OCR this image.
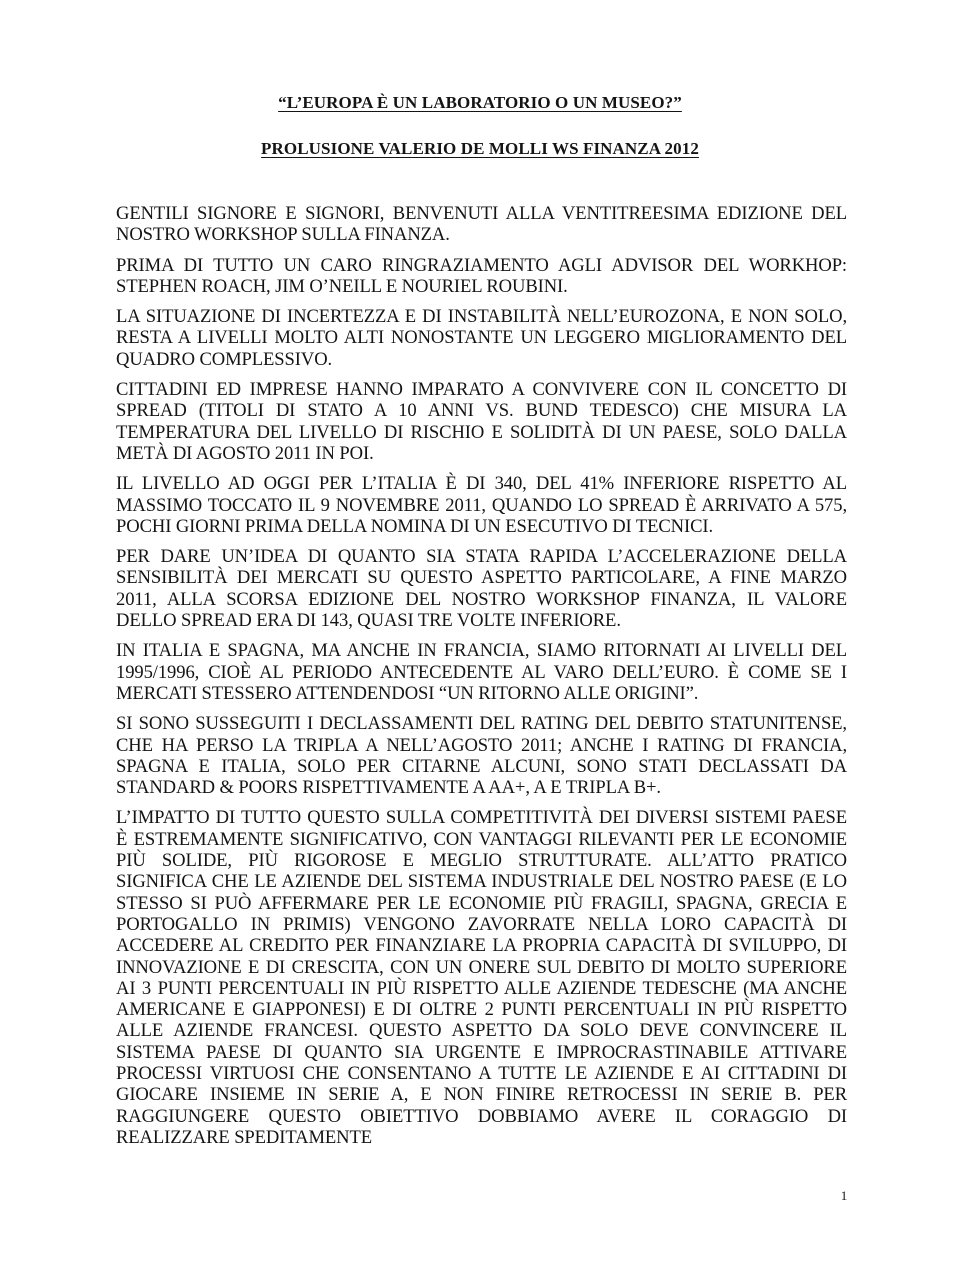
“L’EUROPA È UN LABORATORIO O UN MUSEO?”
PROLUSIONE VALERIO DE MOLLI WS FINANZA 2012

GENTILI SIGNORE E SIGNORI, BENVENUTI ALLA VENTITREESIMA EDIZIONE DEL NOSTRO WORKSHOP SULLA FINANZA.

PRIMA DI TUTTO UN CARO RINGRAZIAMENTO AGLI ADVISOR DEL WORKHOP: STEPHEN ROACH, JIM O’NEILL E NOURIEL ROUBINI.

LA SITUAZIONE DI INCERTEZZA E DI INSTABILITÀ NELL’EUROZONA, E NON SOLO, RESTA A LIVELLI MOLTO ALTI NONOSTANTE UN LEGGERO MIGLIORAMENTO DEL QUADRO COMPLESSIVO.

CITTADINI ED IMPRESE HANNO IMPARATO A CONVIVERE CON IL CONCETTO DI SPREAD (TITOLI DI STATO A 10 ANNI VS. BUND TEDESCO) CHE MISURA LA TEMPERATURA DEL LIVELLO DI RISCHIO E SOLIDITÀ DI UN PAESE, SOLO DALLA METÀ DI AGOSTO 2011 IN POI.

IL LIVELLO AD OGGI PER L’ITALIA È DI 340, DEL 41% INFERIORE RISPETTO AL MASSIMO TOCCATO IL 9 NOVEMBRE 2011, QUANDO LO SPREAD È ARRIVATO A 575, POCHI GIORNI PRIMA DELLA NOMINA DI UN ESECUTIVO DI TECNICI.

PER DARE UN’IDEA DI QUANTO SIA STATA RAPIDA L’ACCELERAZIONE DELLA SENSIBILITÀ DEI MERCATI SU QUESTO ASPETTO PARTICOLARE, A FINE MARZO 2011, ALLA SCORSA EDIZIONE DEL NOSTRO WORKSHOP FINANZA, IL VALORE DELLO SPREAD ERA DI 143, QUASI TRE VOLTE INFERIORE.

IN ITALIA E SPAGNA, MA ANCHE IN FRANCIA, SIAMO RITORNATI AI LIVELLI DEL 1995/1996, CIOÈ AL PERIODO ANTECEDENTE AL VARO DELL’EURO. È COME SE I MERCATI STESSERO ATTENDENDOSI “UN RITORNO ALLE ORIGINI”.

SI SONO SUSSEGUITI I DECLASSAMENTI DEL RATING DEL DEBITO STATUNITENSE, CHE HA PERSO LA TRIPLA A NELL’AGOSTO 2011; ANCHE I RATING DI FRANCIA, SPAGNA E ITALIA, SOLO PER CITARNE ALCUNI, SONO STATI DECLASSATI DA STANDARD & POORS RISPETTIVAMENTE A AA+, A E TRIPLA B+.

L’IMPATTO DI TUTTO QUESTO SULLA COMPETITIVITÀ DEI DIVERSI SISTEMI PAESE È ESTREMAMENTE SIGNIFICATIVO, CON VANTAGGI RILEVANTI PER LE ECONOMIE PIÙ SOLIDE, PIÙ RIGOROSE E MEGLIO STRUTTURATE. ALL’ATTO PRATICO SIGNIFICA CHE LE AZIENDE DEL SISTEMA INDUSTRIALE DEL NOSTRO PAESE (E LO STESSO SI PUÒ AFFERMARE PER LE ECONOMIE PIÙ FRAGILI, SPAGNA, GRECIA E PORTOGALLO IN PRIMIS) VENGONO ZAVORRATE NELLA LORO CAPACITÀ DI ACCEDERE AL CREDITO PER FINANZIARE LA PROPRIA CAPACITÀ DI SVILUPPO, DI INNOVAZIONE E DI CRESCITA, CON UN ONERE SUL DEBITO DI MOLTO SUPERIORE AI 3 PUNTI PERCENTUALI IN PIÙ RISPETTO ALLE AZIENDE TEDESCHE (MA ANCHE AMERICANE E GIAPPONESI) E DI OLTRE 2 PUNTI PERCENTUALI IN PIÙ RISPETTO ALLE AZIENDE FRANCESI. QUESTO ASPETTO DA SOLO DEVE CONVINCERE IL SISTEMA PAESE DI QUANTO SIA URGENTE E IMPROCRASTINABILE ATTIVARE PROCESSI VIRTUOSI CHE CONSENTANO A TUTTE LE AZIENDE E AI CITTADINI DI GIOCARE INSIEME IN SERIE A, E NON FINIRE RETROCESSI IN SERIE B. PER RAGGIUNGERE QUESTO OBIETTIVO DOBBIAMO AVERE IL CORAGGIO DI REALIZZARE SPEDITAMENTE

1
